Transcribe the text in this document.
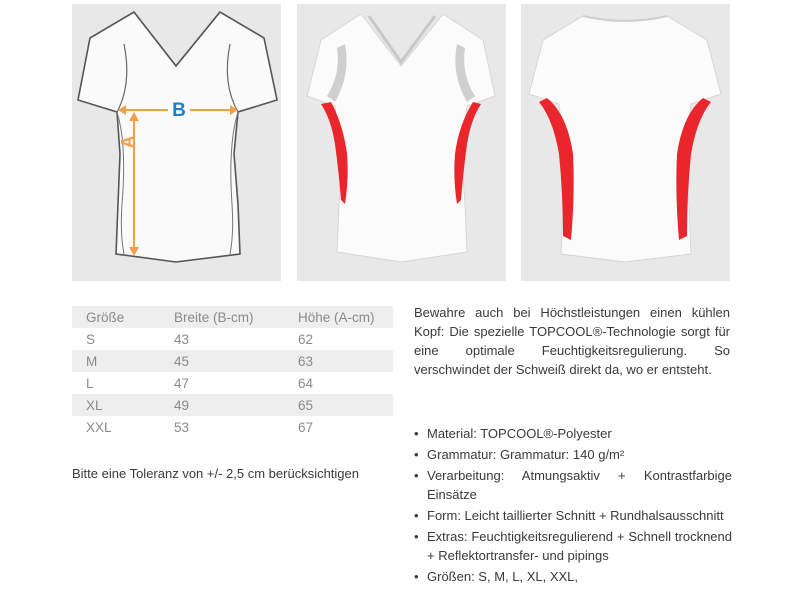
B
A
Größe	Breite (B-cm)	Höhe (A-cm)
S	43	62
M	45	63
L	47	64
XL	49	65
XXL	53	67
Bitte eine Toleranz von +/- 2,5 cm berücksichtigen
Bewahre auch bei Höchstleistungen einen kühlen Kopf: Die spezielle TOPCOOL®-Technologie sorgt für eine optimale Feuchtigkeitsregulierung. So verschwindet der Schweiß direkt da, wo er entsteht.
• Material: TOPCOOL®-Polyester
• Grammatur: Grammatur: 140 g/m²
• Verarbeitung: Atmungsaktiv + Kontrastfarbige Einsätze
• Form: Leicht taillierter Schnitt + Rundhalsausschnitt
• Extras: Feuchtigkeitsregulierend + Schnell trocknend + Reflektortransfer- und pipings
• Größen: S, M, L, XL, XXL,
